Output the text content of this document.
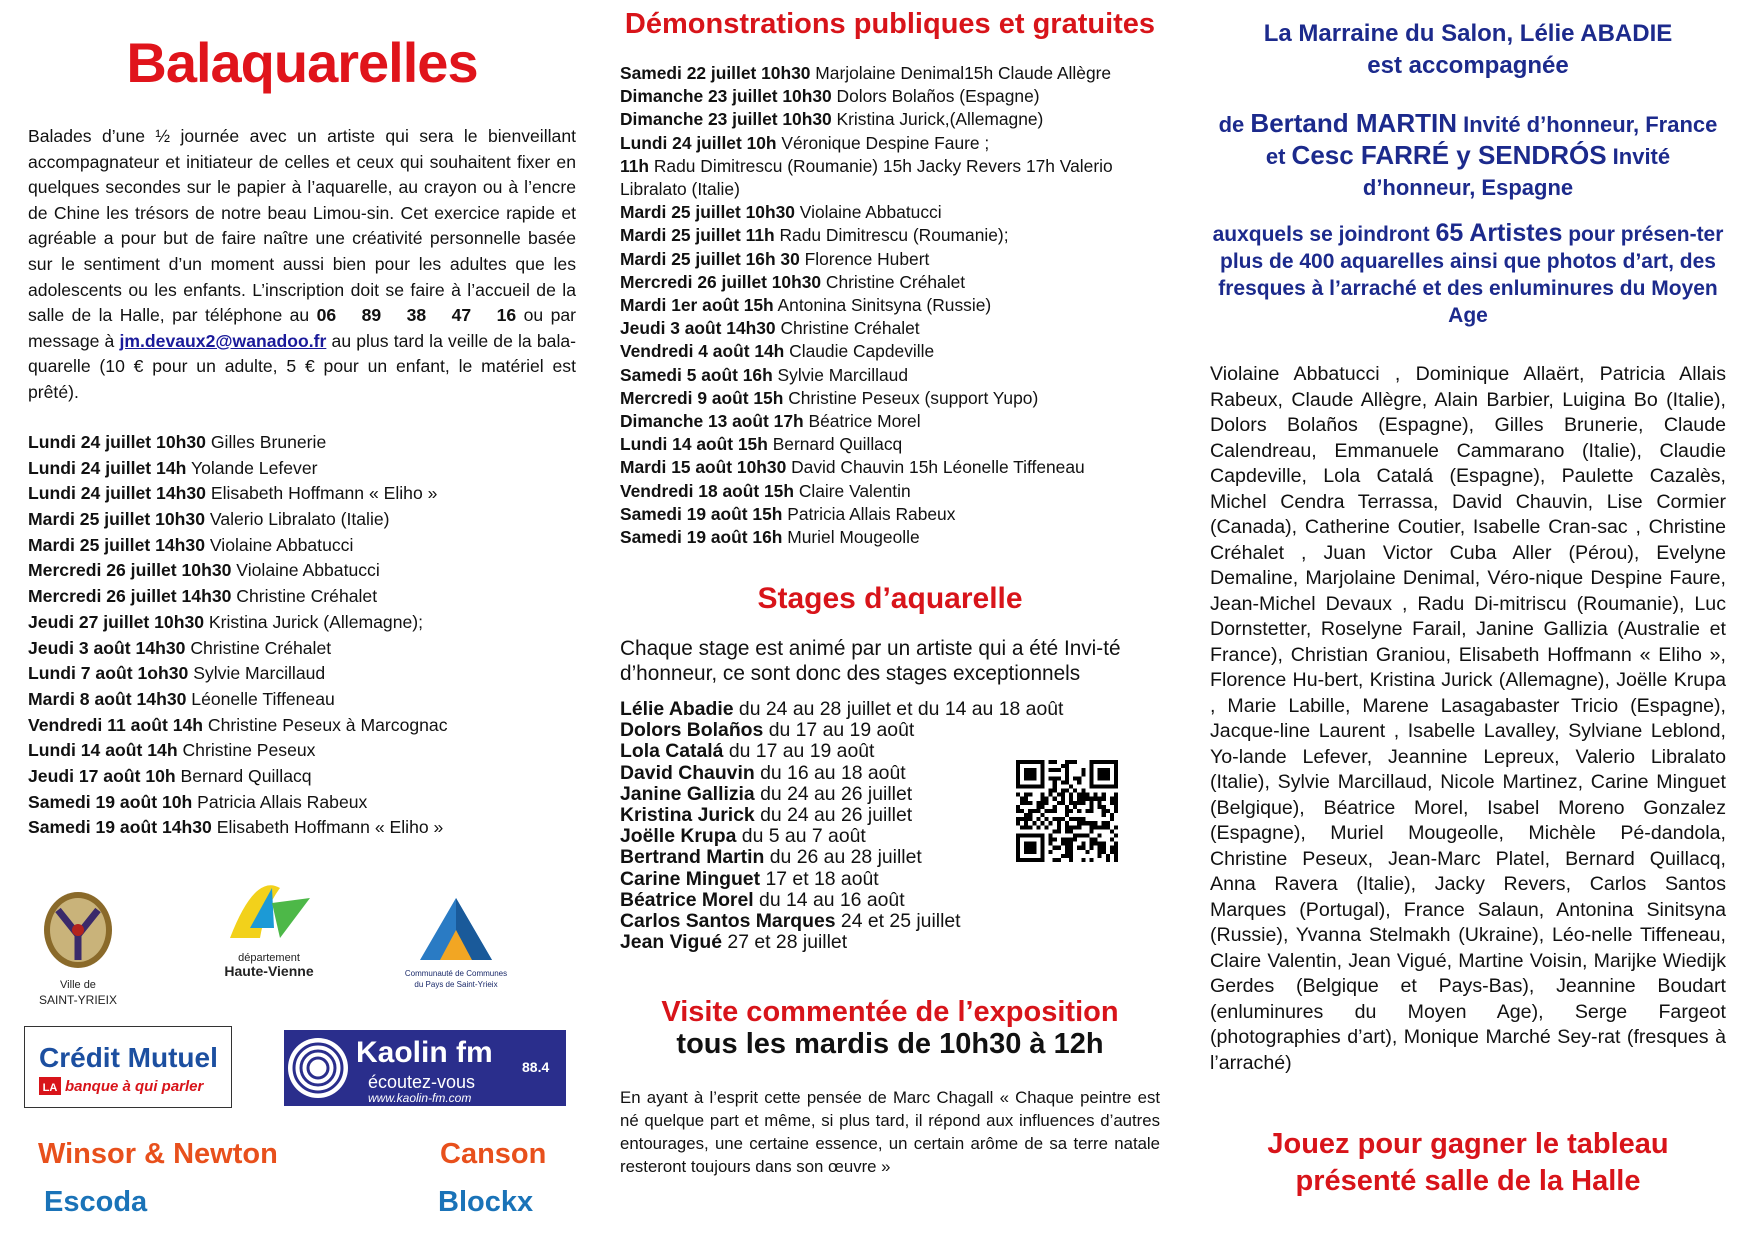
Balaquarelles

Balades d’une ½ journée avec un artiste qui sera le bienveillant accompagnateur et initiateur de celles et ceux qui souhaitent fixer en quelques secondes sur le papier à l’aquarelle, au crayon ou à l’encre de Chine les trésors de notre beau Limou-sin. Cet exercice rapide et agréable a pour but de faire naître une créativité personnelle basée sur le sentiment d’un moment aussi bien pour les adultes que les adolescents ou les enfants. L’inscription doit se faire à l’accueil de la salle de la Halle, par téléphone au 06 89 38 47 16 ou par message à jm.devaux2@wanadoo.fr au plus tard la veille de la bala-quarelle (10 € pour un adulte, 5 € pour un enfant, le matériel est prêté).

Lundi 24 juillet 10h30 Gilles Brunerie
Lundi 24 juillet 14h Yolande Lefever
Lundi 24 juillet 14h30 Elisabeth Hoffmann « Eliho »
Mardi 25 juillet 10h30 Valerio Libralato (Italie)
Mardi 25 juillet 14h30 Violaine Abbatucci
Mercredi 26 juillet 10h30 Violaine Abbatucci
Mercredi 26 juillet 14h30 Christine Créhalet
Jeudi 27 juillet 10h30 Kristina Jurick (Allemagne);
Jeudi 3 août 14h30 Christine Créhalet
Lundi 7 août 1oh30 Sylvie Marcillaud
Mardi 8 août 14h30 Léonelle Tiffeneau
Vendredi 11 août 14h Christine Peseux à Marcognac
Lundi 14 août 14h Christine Peseux
Jeudi 17 août 10h Bernard Quillacq
Samedi 19 août 10h Patricia Allais Rabeux
Samedi 19 août 14h30 Elisabeth Hoffmann « Eliho »
Ville de
SAINT-YRIEIX
département
Haute-Vienne	Communauté de Communes
du Pays de Saint-Yrieix
Crédit Mutuel
LA banque à qui parler
Kaolin fm 88.4
écoutez-vous
www.kaolin-fm.com
Winsor & Newton	Canson
Escoda	Blockx
Démonstrations publiques et gratuites
Samedi 22 juillet 10h30 Marjolaine Denimal15h Claude Allègre
Dimanche 23 juillet 10h30 Dolors Bolaños (Espagne)
Dimanche 23 juillet 10h30 Kristina Jurick,(Allemagne)
Lundi 24 juillet 10h Véronique Despine Faure ;
11h Radu Dimitrescu (Roumanie) 15h Jacky Revers 17h Valerio Libralato (Italie)
Mardi 25 juillet 10h30 Violaine Abbatucci
Mardi 25 juillet 11h Radu Dimitrescu (Roumanie);
Mardi 25 juillet 16h 30 Florence Hubert
Mercredi 26 juillet 10h30 Christine Créhalet
Mardi 1er août 15h Antonina Sinitsyna (Russie)
Jeudi 3 août 14h30 Christine Créhalet
Vendredi 4 août 14h Claudie Capdeville
Samedi 5 août 16h Sylvie Marcillaud
Mercredi 9 août 15h Christine Peseux (support Yupo)
Dimanche 13 août 17h Béatrice Morel
Lundi 14 août 15h Bernard Quillacq
Mardi 15 août 10h30 David Chauvin 15h Léonelle Tiffeneau
Vendredi 18 août 15h Claire Valentin
Samedi 19 août 15h Patricia Allais Rabeux
Samedi 19 août 16h Muriel Mougeolle
Stages d’aquarelle

Chaque stage est animé par un artiste qui a été Invi-té d’honneur, ce sont donc des stages exceptionnels

Lélie Abadie du 24 au 28 juillet et du 14 au 18 août
Dolors Bolaños du 17 au 19 août
Lola Catalá du 17 au 19 août
David Chauvin du 16 au 18 août
Janine Gallizia du 24 au 26 juillet
Kristina Jurick du 24 au 26 juillet
Joëlle Krupa du 5 au 7 août
Bertrand Martin du 26 au 28 juillet
Carine Minguet 17 et 18 août
Béatrice Morel du 14 au 16 août
Carlos Santos Marques 24 et 25 juillet
Jean Vigué 27 et 28 juillet
Visite commentée de l’exposition
tous les mardis de 10h30 à 12h

En ayant à l’esprit cette pensée de Marc Chagall « Chaque peintre est né quelque part et même, si plus tard, il répond aux influences d’autres entourages, une certaine essence, un certain arôme de sa terre natale resteront toujours dans son œuvre »

La Marraine du Salon, Lélie ABADIE
est accompagnée
de Bertand MARTIN Invité d’honneur, France
et Cesc FARRÉ y SENDRÓS Invité d’honneur, Espagne
auxquels se joindront 65 Artistes pour présen-ter plus de 400 aquarelles ainsi que photos d’art, des fresques à l’arraché et des enluminures du Moyen Age

Violaine Abbatucci , Dominique Allaërt, Patricia Allais Rabeux, Claude Allègre, Alain Barbier, Luigina Bo (Italie), Dolors Bolaños (Espagne), Gilles Brunerie, Claude Calendreau, Emmanuele Cammarano (Italie), Claudie Capdeville, Lola Catalá (Espagne), Paulette Cazalès, Michel Cendra Terrassa, David Chauvin, Lise Cormier (Canada), Catherine Coutier, Isabelle Cran-sac , Christine Créhalet , Juan Victor Cuba Aller (Pérou), Evelyne Demaline, Marjolaine Denimal, Véro-nique Despine Faure, Jean-Michel Devaux , Radu Di-mitriscu (Roumanie), Luc Dornstetter, Roselyne Farail, Janine Gallizia (Australie et France), Christian Graniou, Elisabeth Hoffmann « Eliho », Florence Hu-bert, Kristina Jurick (Allemagne), Joëlle Krupa , Marie Labille, Marene Lasagabaster Tricio (Espagne), Jacque-line Laurent , Isabelle Lavalley, Sylviane Leblond, Yo-lande Lefever, Jeannine Lepreux, Valerio Libralato (Italie), Sylvie Marcillaud, Nicole Martinez, Carine Minguet (Belgique), Béatrice Morel, Isabel Moreno Gonzalez (Espagne), Muriel Mougeolle, Michèle Pé-dandola, Christine Peseux, Jean-Marc Platel, Bernard Quillacq, Anna Ravera (Italie), Jacky Revers, Carlos Santos Marques (Portugal), France Salaun, Antonina Sinitsyna (Russie), Yvanna Stelmakh (Ukraine), Léo-nelle Tiffeneau, Claire Valentin, Jean Vigué, Martine Voisin, Marijke Wiedijk Gerdes (Belgique et Pays-Bas), Jeannine Boudart (enluminures du Moyen Age), Serge Fargeot (photographies d’art), Monique Marché Sey-rat (fresques à l’arraché)

Jouez pour gagner le tableau
présenté salle de la Halle
